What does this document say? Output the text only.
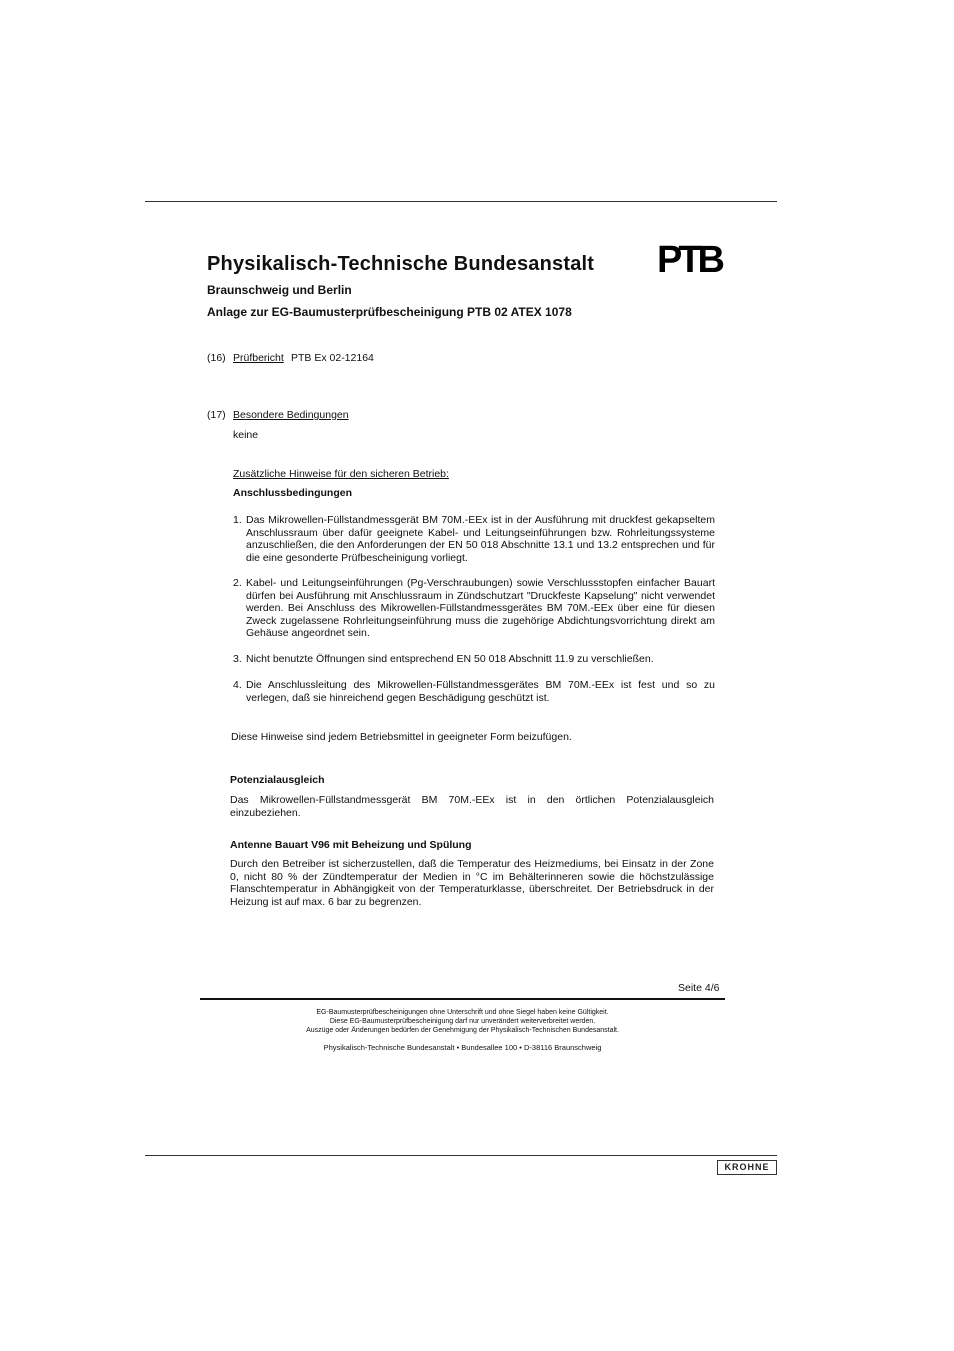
Physikalisch-Technische Bundesanstalt PTB
Braunschweig und Berlin
Anlage zur EG-Baumusterprüfbescheinigung PTB 02 ATEX 1078
(16) Prüfbericht PTB Ex 02-12164
(17) Besondere Bedingungen
keine
Zusätzliche Hinweise für den sicheren Betrieb:
Anschlussbedingungen
1. Das Mikrowellen-Füllstandmessgerät BM 70M.-EEx ist in der Ausführung mit druckfest gekapseltem Anschlussraum über dafür geeignete Kabel- und Leitungseinführungen bzw. Rohrleitungssysteme anzuschließen, die den Anforderungen der EN 50 018 Abschnitte 13.1 und 13.2 entsprechen und für die eine gesonderte Prüfbescheinigung vorliegt.
2. Kabel- und Leitungseinführungen (Pg-Verschraubungen) sowie Verschlussstopfen einfacher Bauart dürfen bei Ausführung mit Anschlussraum in Zündschutzart "Druckfeste Kapselung" nicht verwendet werden. Bei Anschluss des Mikrowellen-Füllstandmessgerätes BM 70M.-EEx über eine für diesen Zweck zugelassene Rohrleitungseinführung muss die zugehörige Abdichtungsvorrichtung direkt am Gehäuse angeordnet sein.
3. Nicht benutzte Öffnungen sind entsprechend EN 50 018 Abschnitt 11.9 zu verschließen.
4. Die Anschlussleitung des Mikrowellen-Füllstandmessgerätes BM 70M.-EEx ist fest und so zu verlegen, daß sie hinreichend gegen Beschädigung geschützt ist.
Diese Hinweise sind jedem Betriebsmittel in geeigneter Form beizufügen.
Potenzialausgleich
Das Mikrowellen-Füllstandmessgerät BM 70M.-EEx ist in den örtlichen Potenzialausgleich einzubeziehen.
Antenne Bauart V96 mit Beheizung und Spülung
Durch den Betreiber ist sicherzustellen, daß die Temperatur des Heizmediums, bei Einsatz in der Zone 0, nicht 80 % der Zündtemperatur der Medien in °C im Behälterinneren sowie die höchstzulässige Flanschtemperatur in Abhängigkeit von der Temperaturklasse, überschreitet. Der Betriebsdruck in der Heizung ist auf max. 6 bar zu begrenzen.
Seite 4/6
EG-Baumusterprüfbescheinigungen ohne Unterschrift und ohne Siegel haben keine Gültigkeit.
Diese EG-Baumusterprüfbescheinigung darf nur unverändert weiterverbreitet werden.
Auszüge oder Änderungen bedürfen der Genehmigung der Physikalisch-Technischen Bundesanstalt.
Physikalisch-Technische Bundesanstalt • Bundesallee 100 • D-38116 Braunschweig
KROHNE
